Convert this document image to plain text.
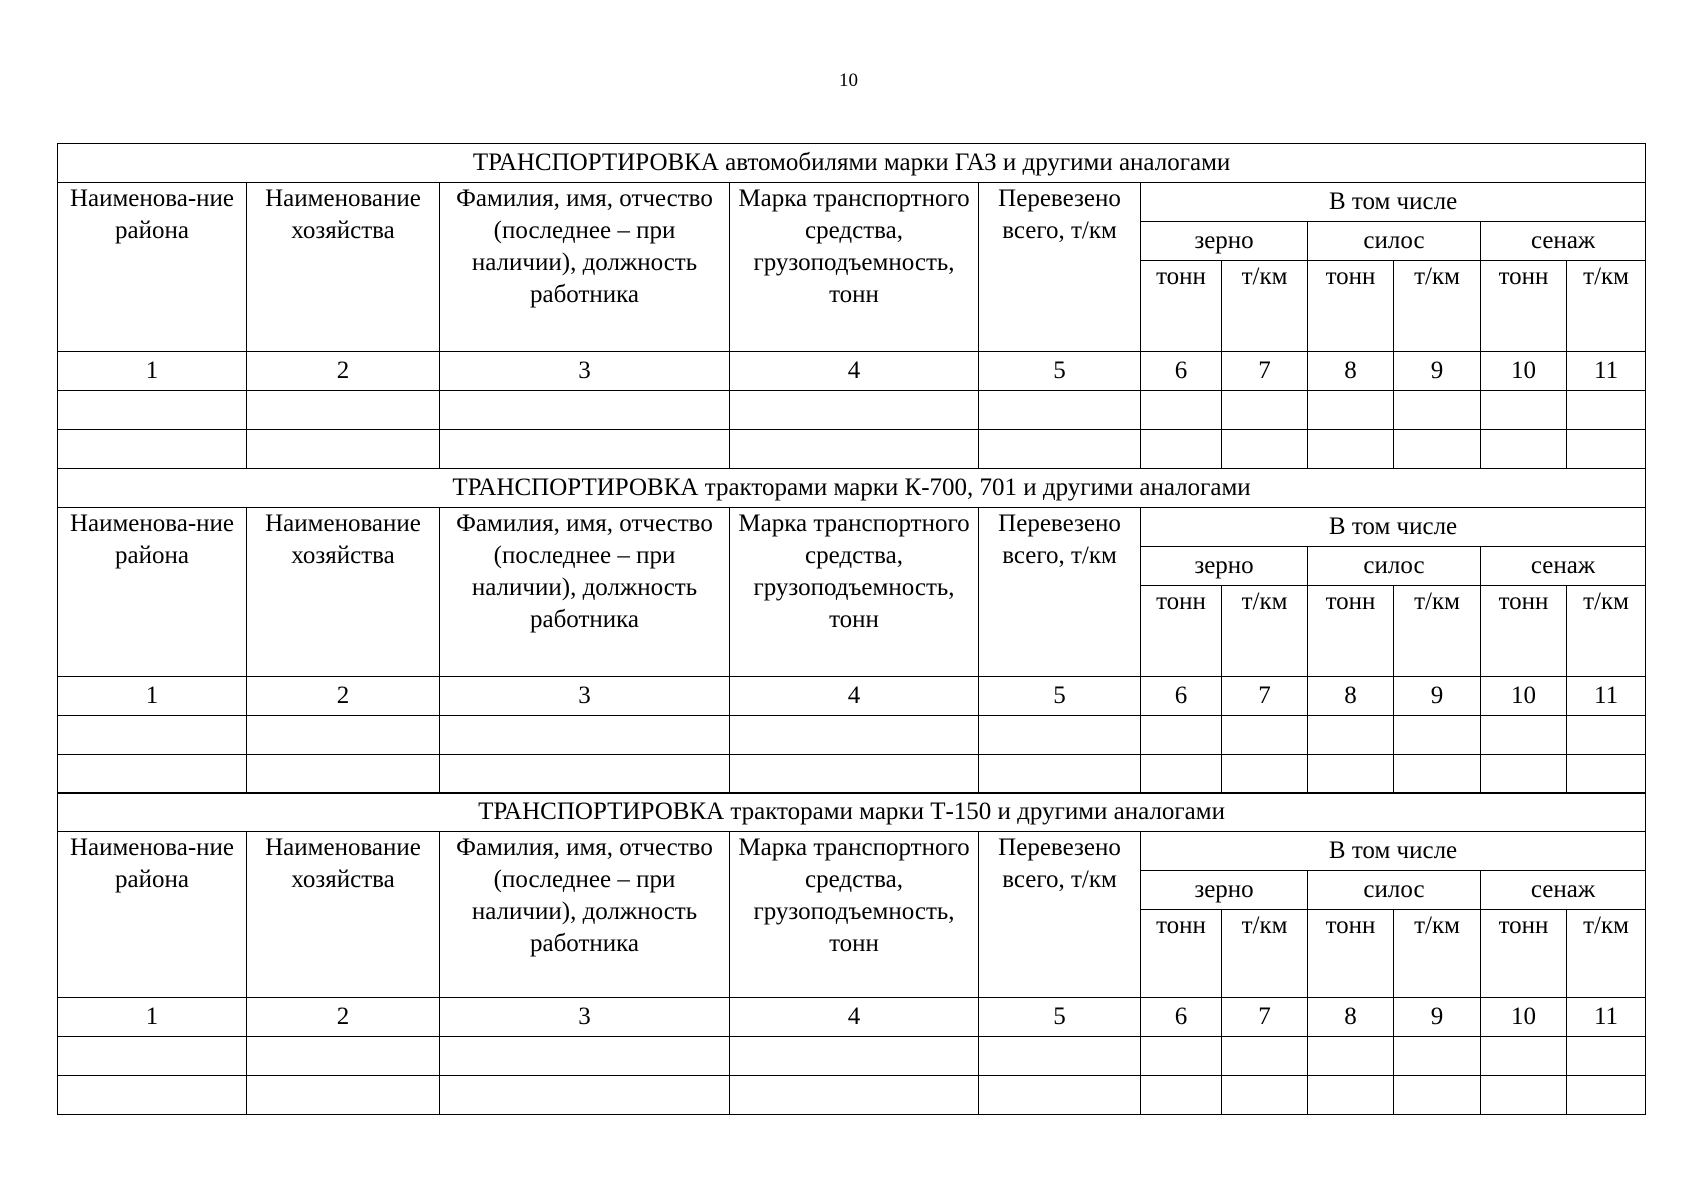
10
ТРАНСПОРТИРОВКА автомобилями марки ГАЗ и другими аналогами										
Наименова-ние района	Наименование хозяйства	Фамилия, имя, отчество (последнее – при наличии), должность работника	Марка транспортного средства, грузоподъемность, тонн	Перевезено всего, т/км	В том числе					
					зерно		силос		сенаж	
					тонн	т/км	тонн	т/км	тонн	т/км
1	2	3	4	5	6	7	8	9	10	11

ТРАНСПОРТИРОВКА тракторами марки К-700, 701 и другими аналогами										
Наименова-ние района	Наименование хозяйства	Фамилия, имя, отчество (последнее – при наличии), должность работника	Марка транспортного средства, грузоподъемность, тонн	Перевезено всего, т/км	В том числе					
					зерно		силос		сенаж	
					тонн	т/км	тонн	т/км	тонн	т/км
1	2	3	4	5	6	7	8	9	10	11

ТРАНСПОРТИРОВКА тракторами марки Т-150 и другими аналогами										
Наименова-ние района	Наименование хозяйства	Фамилия, имя, отчество (последнее – при наличии), должность работника	Марка транспортного средства, грузоподъемность, тонн	Перевезено всего, т/км	В том числе					
					зерно		силос		сенаж	
					тонн	т/км	тонн	т/км	тонн	т/км
1	2	3	4	5	6	7	8	9	10	11
